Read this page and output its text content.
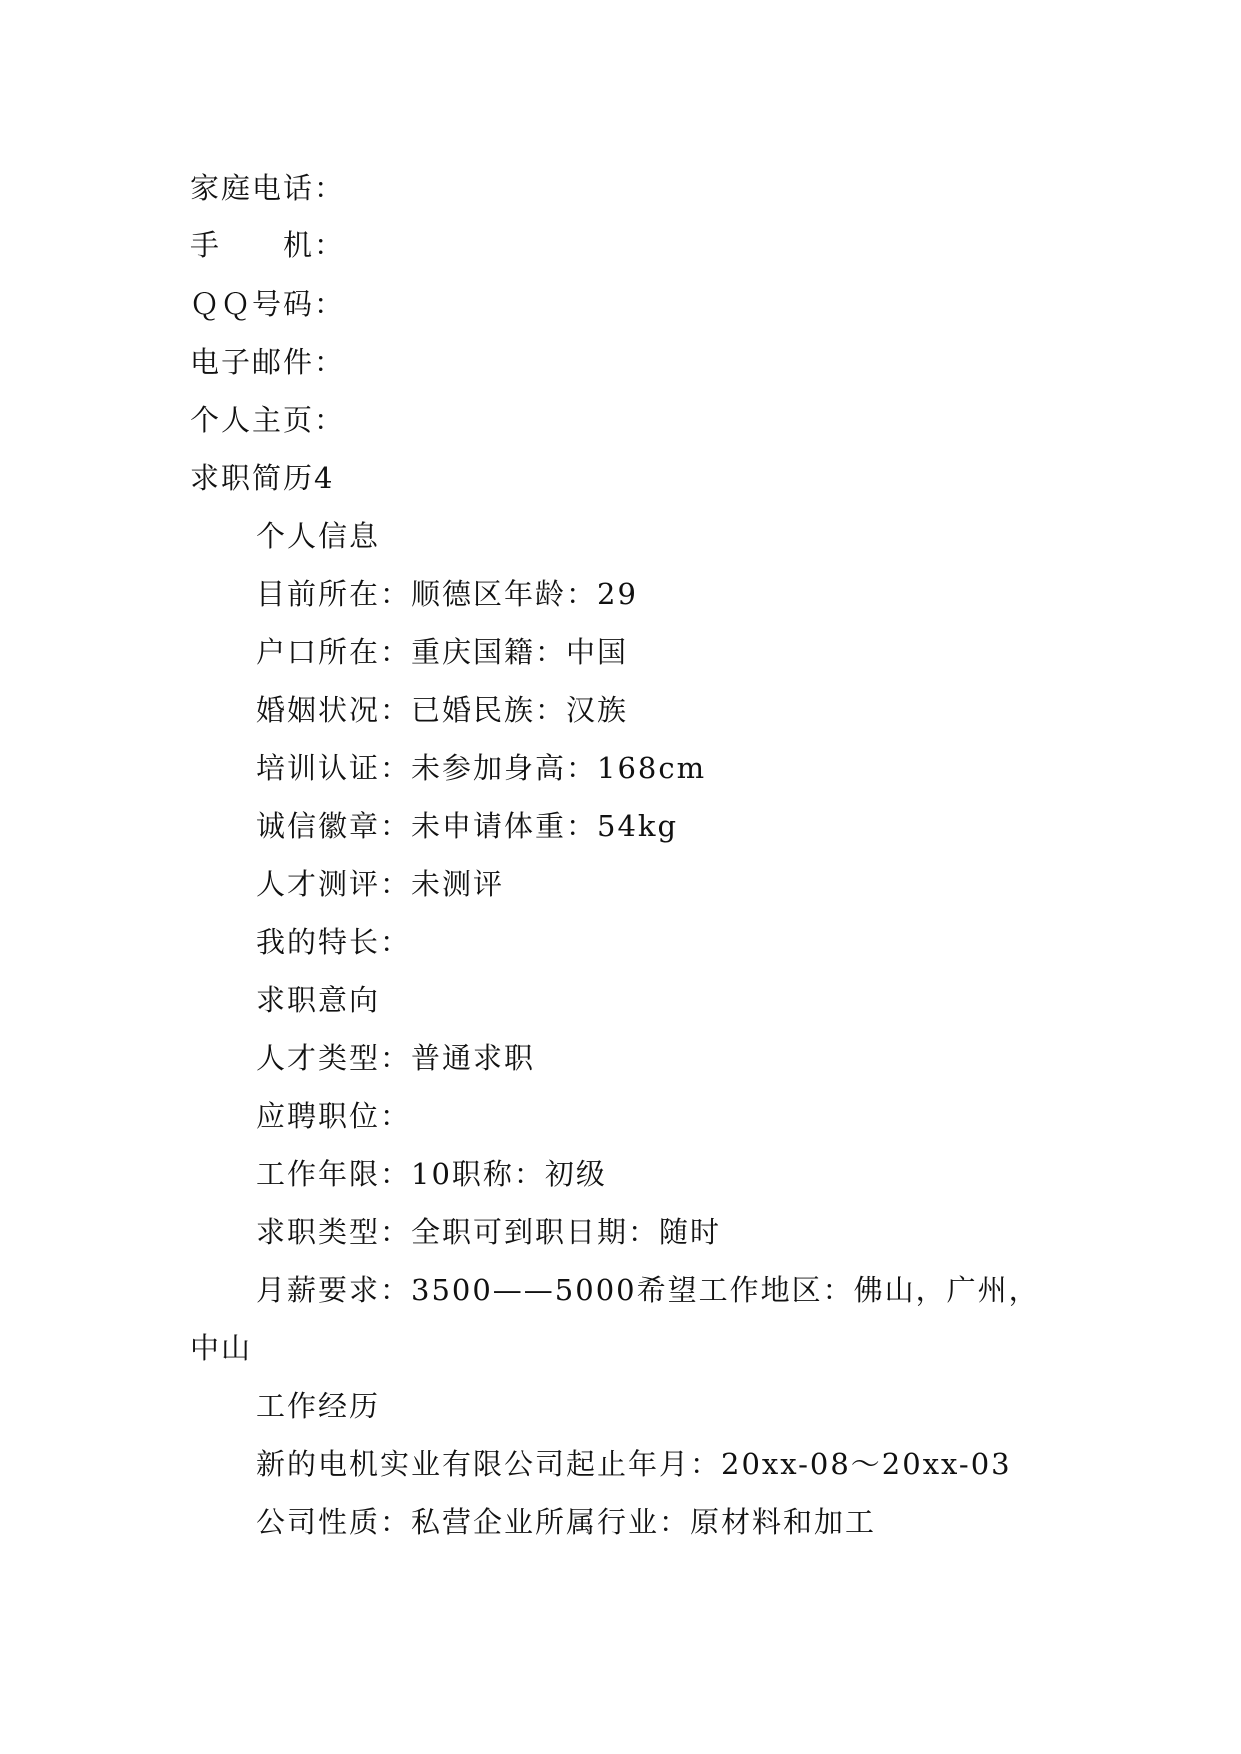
家庭电话：
手　　机：
ＱＱ号码：
电子邮件：
个人主页：
求职简历4
个人信息
目前所在：顺德区年龄：29
户口所在：重庆国籍：中国
婚姻状况：已婚民族：汉族
培训认证：未参加身高：168cm
诚信徽章：未申请体重：54kg
人才测评：未测评
我的特长：
求职意向
人才类型：普通求职
应聘职位：
工作年限：10职称：初级
求职类型：全职可到职日期：随时
月薪要求：3500——5000希望工作地区：佛山，广州，
中山
工作经历
新的电机实业有限公司起止年月：20xx-08～20xx-03
公司性质：私营企业所属行业：原材料和加工
